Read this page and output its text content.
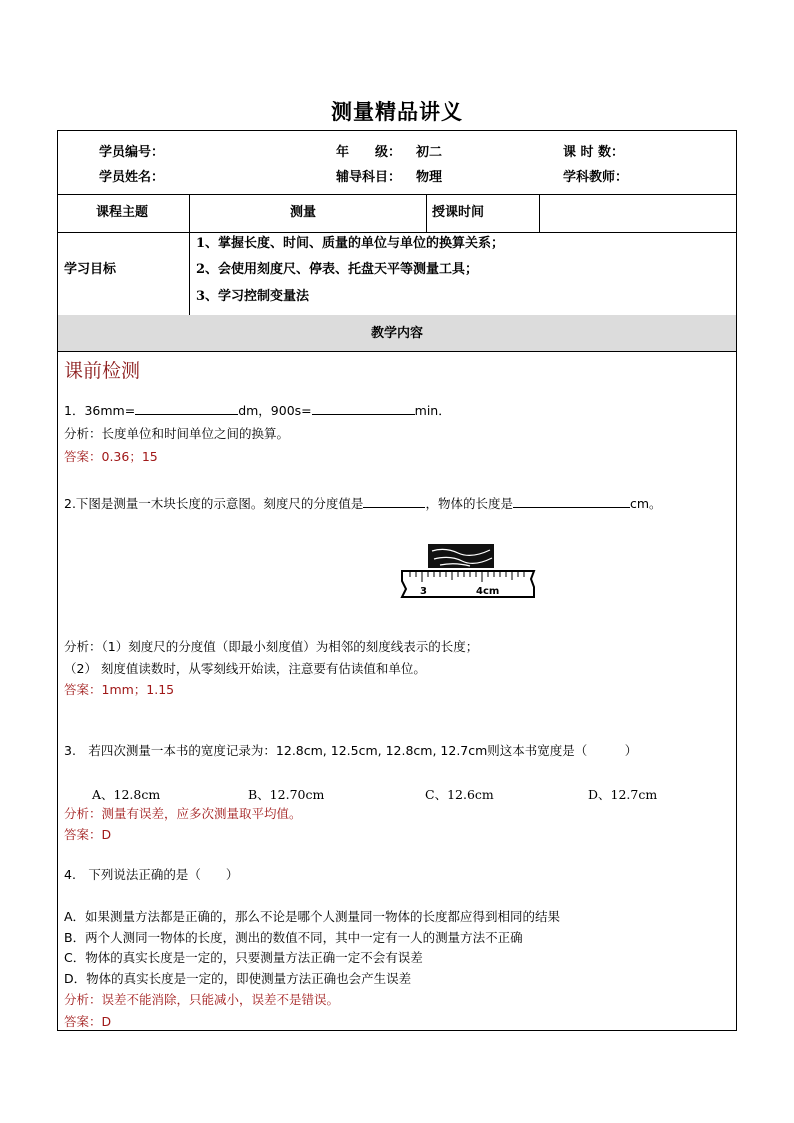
测量精品讲义
学员编号：	年　　级： 初二	课 时 数：
学员姓名：	辅导科目： 物理	学科教师：
课程主题	测量	授课时间
学习目标
1、掌握长度、时间、质量的单位与单位的换算关系；
2、会使用刻度尺、停表、托盘天平等测量工具；
3、学习控制变量法
教学内容
课前检测
1．36mm=	dm，900s=	min．
分析：长度单位和时间单位之间的换算。
答案：0.36；15
2.下图是测量一木块长度的示意图。刻度尺的分度值是	，物体的长度是	cm。
3	4cm
分析：（1）刻度尺的分度值（即最小刻度值）为相邻的刻度线表示的长度；
（2） 刻度值读数时，从零刻线开始读，注意要有估读值和单位。
答案：1mm；1.15
3.　若四次测量一本书的宽度记录为：12.8cm, 12.5cm, 12.8cm, 12.7cm则这本书宽度是（　　　）
A、12.8cm	B、12.70cm	C、12.6cm	D、12.7cm
分析：测量有误差，应多次测量取平均值。
答案：D
4.　下列说法正确的是（　　）
A．如果测量方法都是正确的，那么不论是哪个人测量同一物体的长度都应得到相同的结果
B．两个人测同一物体的长度，测出的数值不同，其中一定有一人的测量方法不正确
C．物体的真实长度是一定的，只要测量方法正确一定不会有误差
D．物体的真实长度是一定的，即使测量方法正确也会产生误差
分析：误差不能消除，只能减小，误差不是错误。
答案：D
